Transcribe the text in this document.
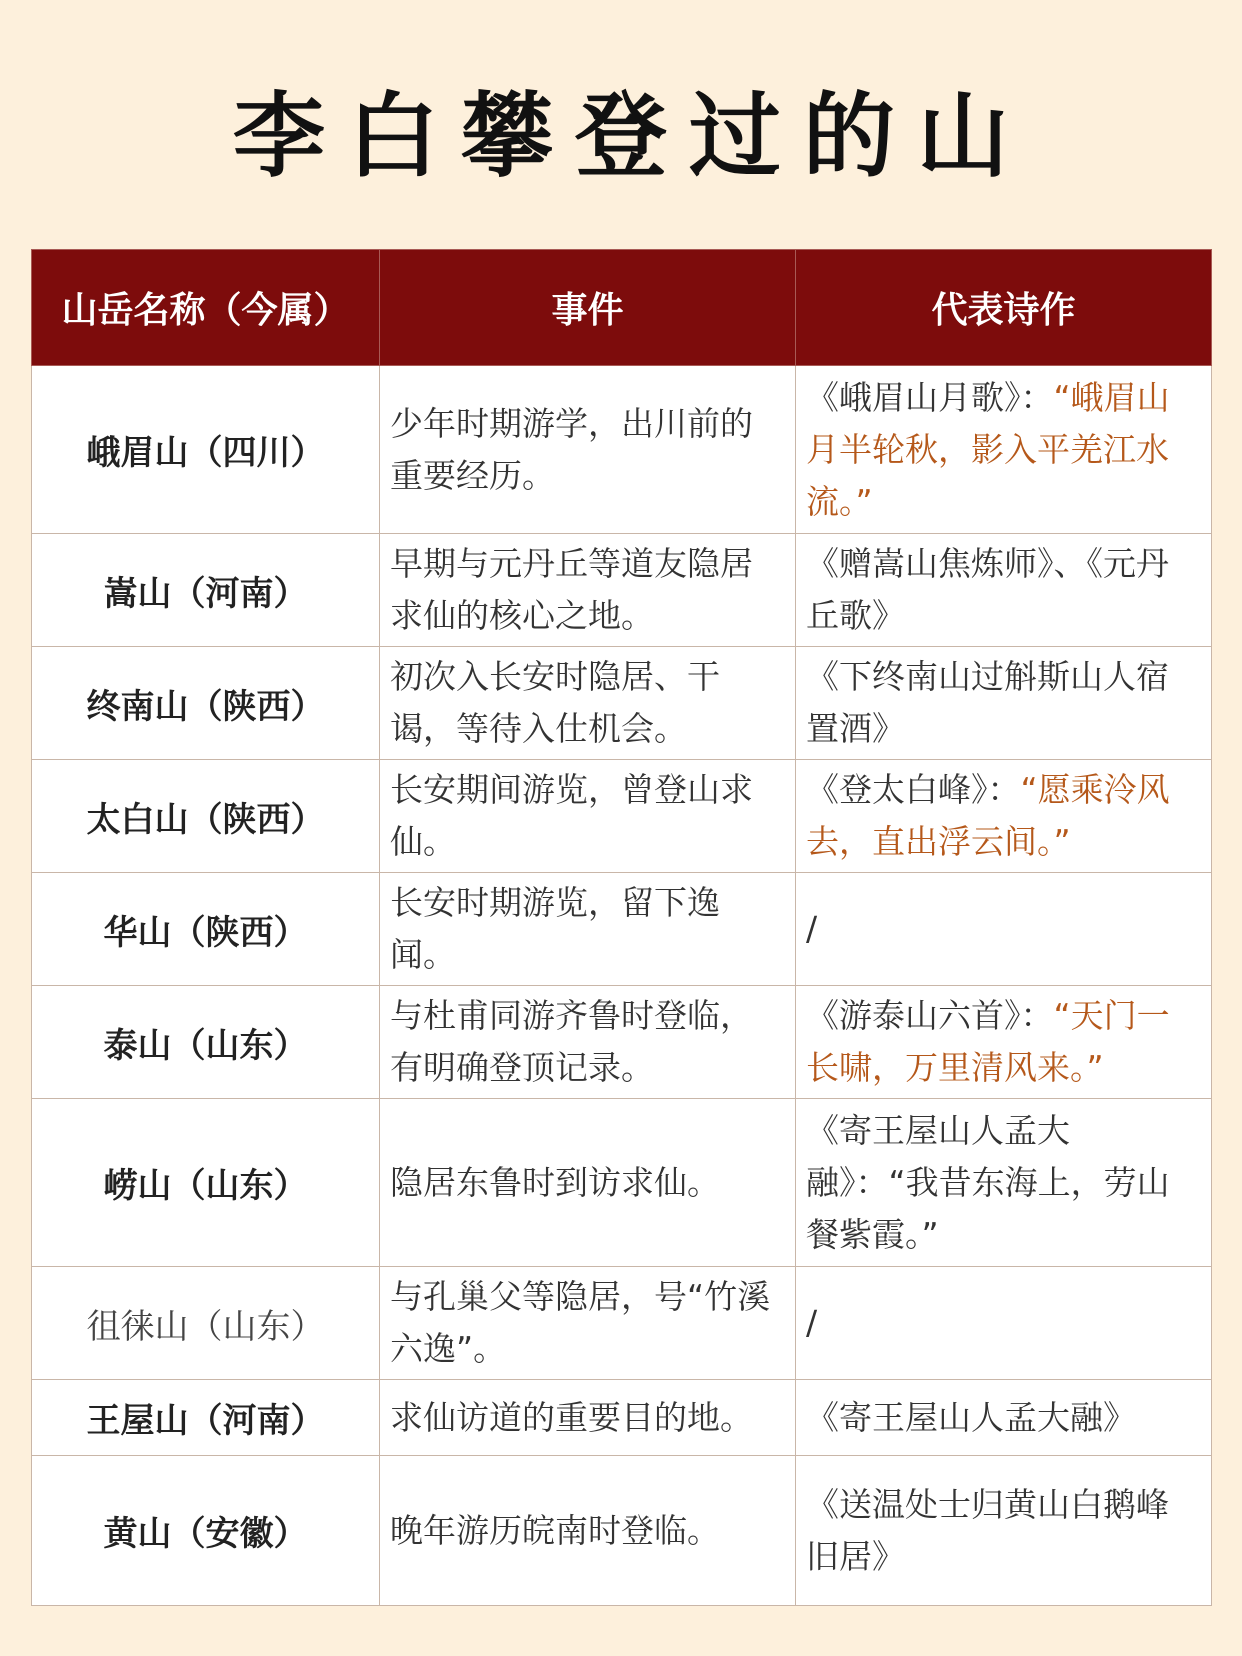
李白攀登过的山
山岳名称（今属）	事件	代表诗作
峨眉山（四川）	少年时期游学，出川前的重要经历。	《峨眉山月歌》：“峨眉山月半轮秋，影入平羌江水流。”
嵩山（河南）	早期与元丹丘等道友隐居求仙的核心之地。	《赠嵩山焦炼师》、《元丹丘歌》
终南山（陕西）	初次入长安时隐居、干谒，等待入仕机会。	《下终南山过斛斯山人宿置酒》
太白山（陕西）	长安期间游览，曾登山求仙。	《登太白峰》：“愿乘泠风去，直出浮云间。”
华山（陕西）	长安时期游览，留下逸闻。	/
泰山（山东）	与杜甫同游齐鲁时登临，有明确登顶记录。	《游泰山六首》：“天门一长啸，万里清风来。”
崂山（山东）	隐居东鲁时到访求仙。	《寄王屋山人孟大融》：“我昔东海上，劳山餐紫霞。”
徂徕山（山东）	与孔巢父等隐居，号“竹溪六逸”。	/
王屋山（河南）	求仙访道的重要目的地。	《寄王屋山人孟大融》
黄山（安徽）	晚年游历皖南时登临。	《送温处士归黄山白鹅峰旧居》
